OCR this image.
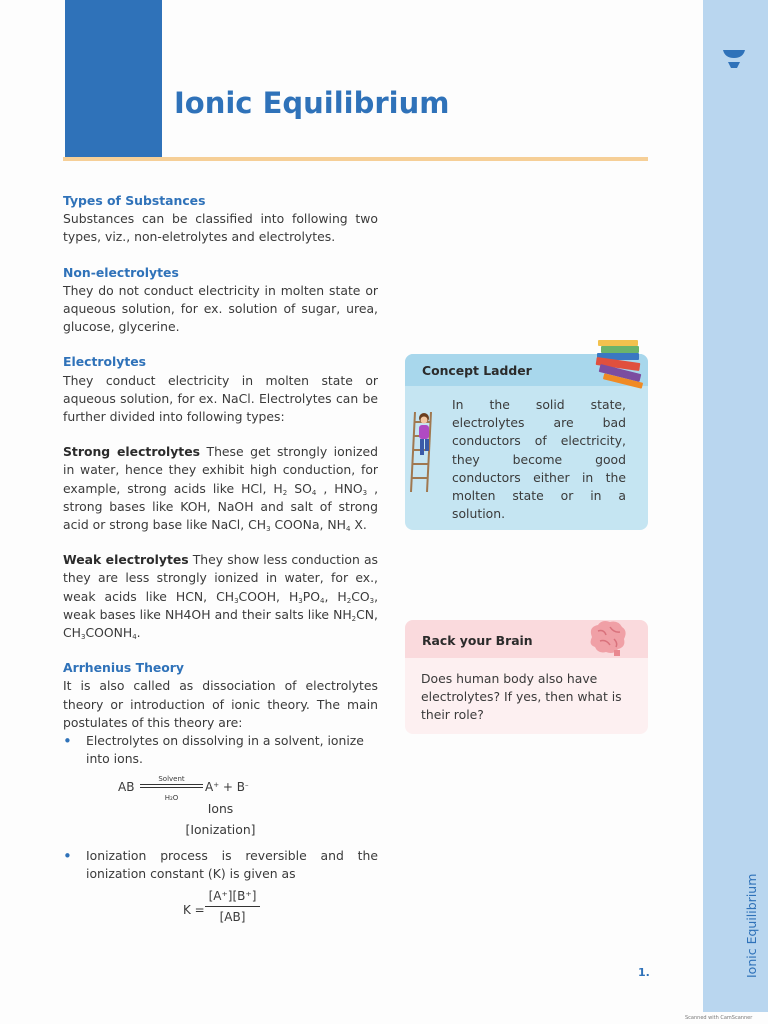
Ionic Equilibrium
Ionic Equilibrium
Types of Substances

Substances can be classified into following two types, viz., non-eletrolytes and electrolytes.

Non-electrolytes

They do not conduct electricity in molten state or aqueous solution, for ex. solution of sugar, urea, glucose, glycerine.

Electrolytes

They conduct electricity in molten state or aqueous solution, for ex. NaCl. Electrolytes can be further divided into following types:

Strong electrolytes These get strongly ionized in water, hence they exhibit high conduction, for example, strong acids like HCl, $H_2$ $SO_4$ , $HNO_3$ , strong bases like KOH, NaOH and salt of strong acid or strong base like NaCl, $CH_3$ COONa, $NH_4$ X.

Weak electrolytes They show less conduction as they are less strongly ionized in water, for ex., weak acids like HCN, $CH_3COOH$, $H_3PO_4$, $H_2CO_3$, weak bases like NH4OH and their salts like $NH_2CN$, $CH_3COONH_4$.

Arrhenius Theory

It is also called as dissociation of electrolytes theory or introduction of ionic theory. The main postulates of this theory are:

• Electrolytes on dissolving in a solvent, ionize into ions.
AB
Solvent
H₂O
A+ + B–

Ions

[Ionization]

• Ionization process is reversible and the ionization constant (K) is given as
K =
[A⁺][B⁺]
[AB]
Concept Ladder
In the solid state, electrolytes are bad conductors of electricity, they become good conductors either in the molten state or in a solution.
Rack your Brain
Does human body also have electrolytes? If yes, then what is their role?
1.
Scanned with CamScanner
